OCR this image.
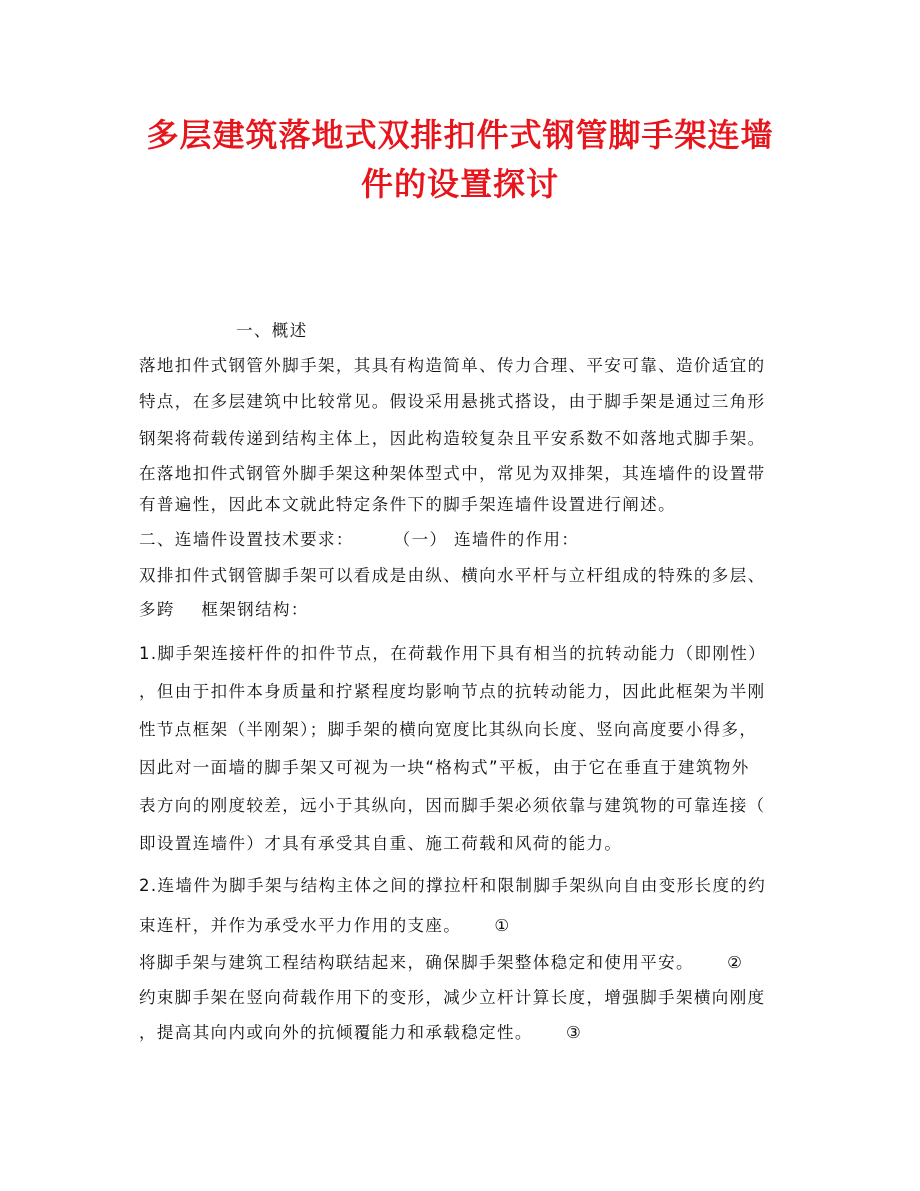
多层建筑落地式双排扣件式钢管脚手架连墙
件的设置探讨
一、概述
落地扣件式钢管外脚手架，其具有构造简单、传力合理、平安可靠、造价适宜的
特点，在多层建筑中比较常见。假设采用悬挑式搭设，由于脚手架是通过三角形
钢架将荷载传递到结构主体上，因此构造较复杂且平安系数不如落地式脚手架。
在落地扣件式钢管外脚手架这种架体型式中，常见为双排架，其连墙件的设置带
有普遍性，因此本文就此特定条件下的脚手架连墙件设置进行阐述。
二、连墙件设置技术要求：      （一） 连墙件的作用：
双排扣件式钢管脚手架可以看成是由纵、横向水平杆与立杆组成的特殊的多层、
多跨    框架钢结构：
1.脚手架连接杆件的扣件节点，在荷载作用下具有相当的抗转动能力（即刚性）
，但由于扣件本身质量和拧紧程度均影响节点的抗转动能力，因此此框架为半刚
性节点框架（半刚架）；脚手架的横向宽度比其纵向长度、竖向高度要小得多，
因此对一面墙的脚手架又可视为一块“格构式”平板，由于它在垂直于建筑物外
表方向的刚度较差，远小于其纵向，因而脚手架必须依靠与建筑物的可靠连接（
即设置连墙件）才具有承受其自重、施工荷载和风荷的能力。
2.连墙件为脚手架与结构主体之间的撑拉杆和限制脚手架纵向自由变形长度的约
束连杆，并作为承受水平力作用的支座。     ①
将脚手架与建筑工程结构联结起来，确保脚手架整体稳定和使用平安。     ②
约束脚手架在竖向荷载作用下的变形，减少立杆计算长度，增强脚手架横向刚度
，提高其向内或向外的抗倾覆能力和承载稳定性。     ③
